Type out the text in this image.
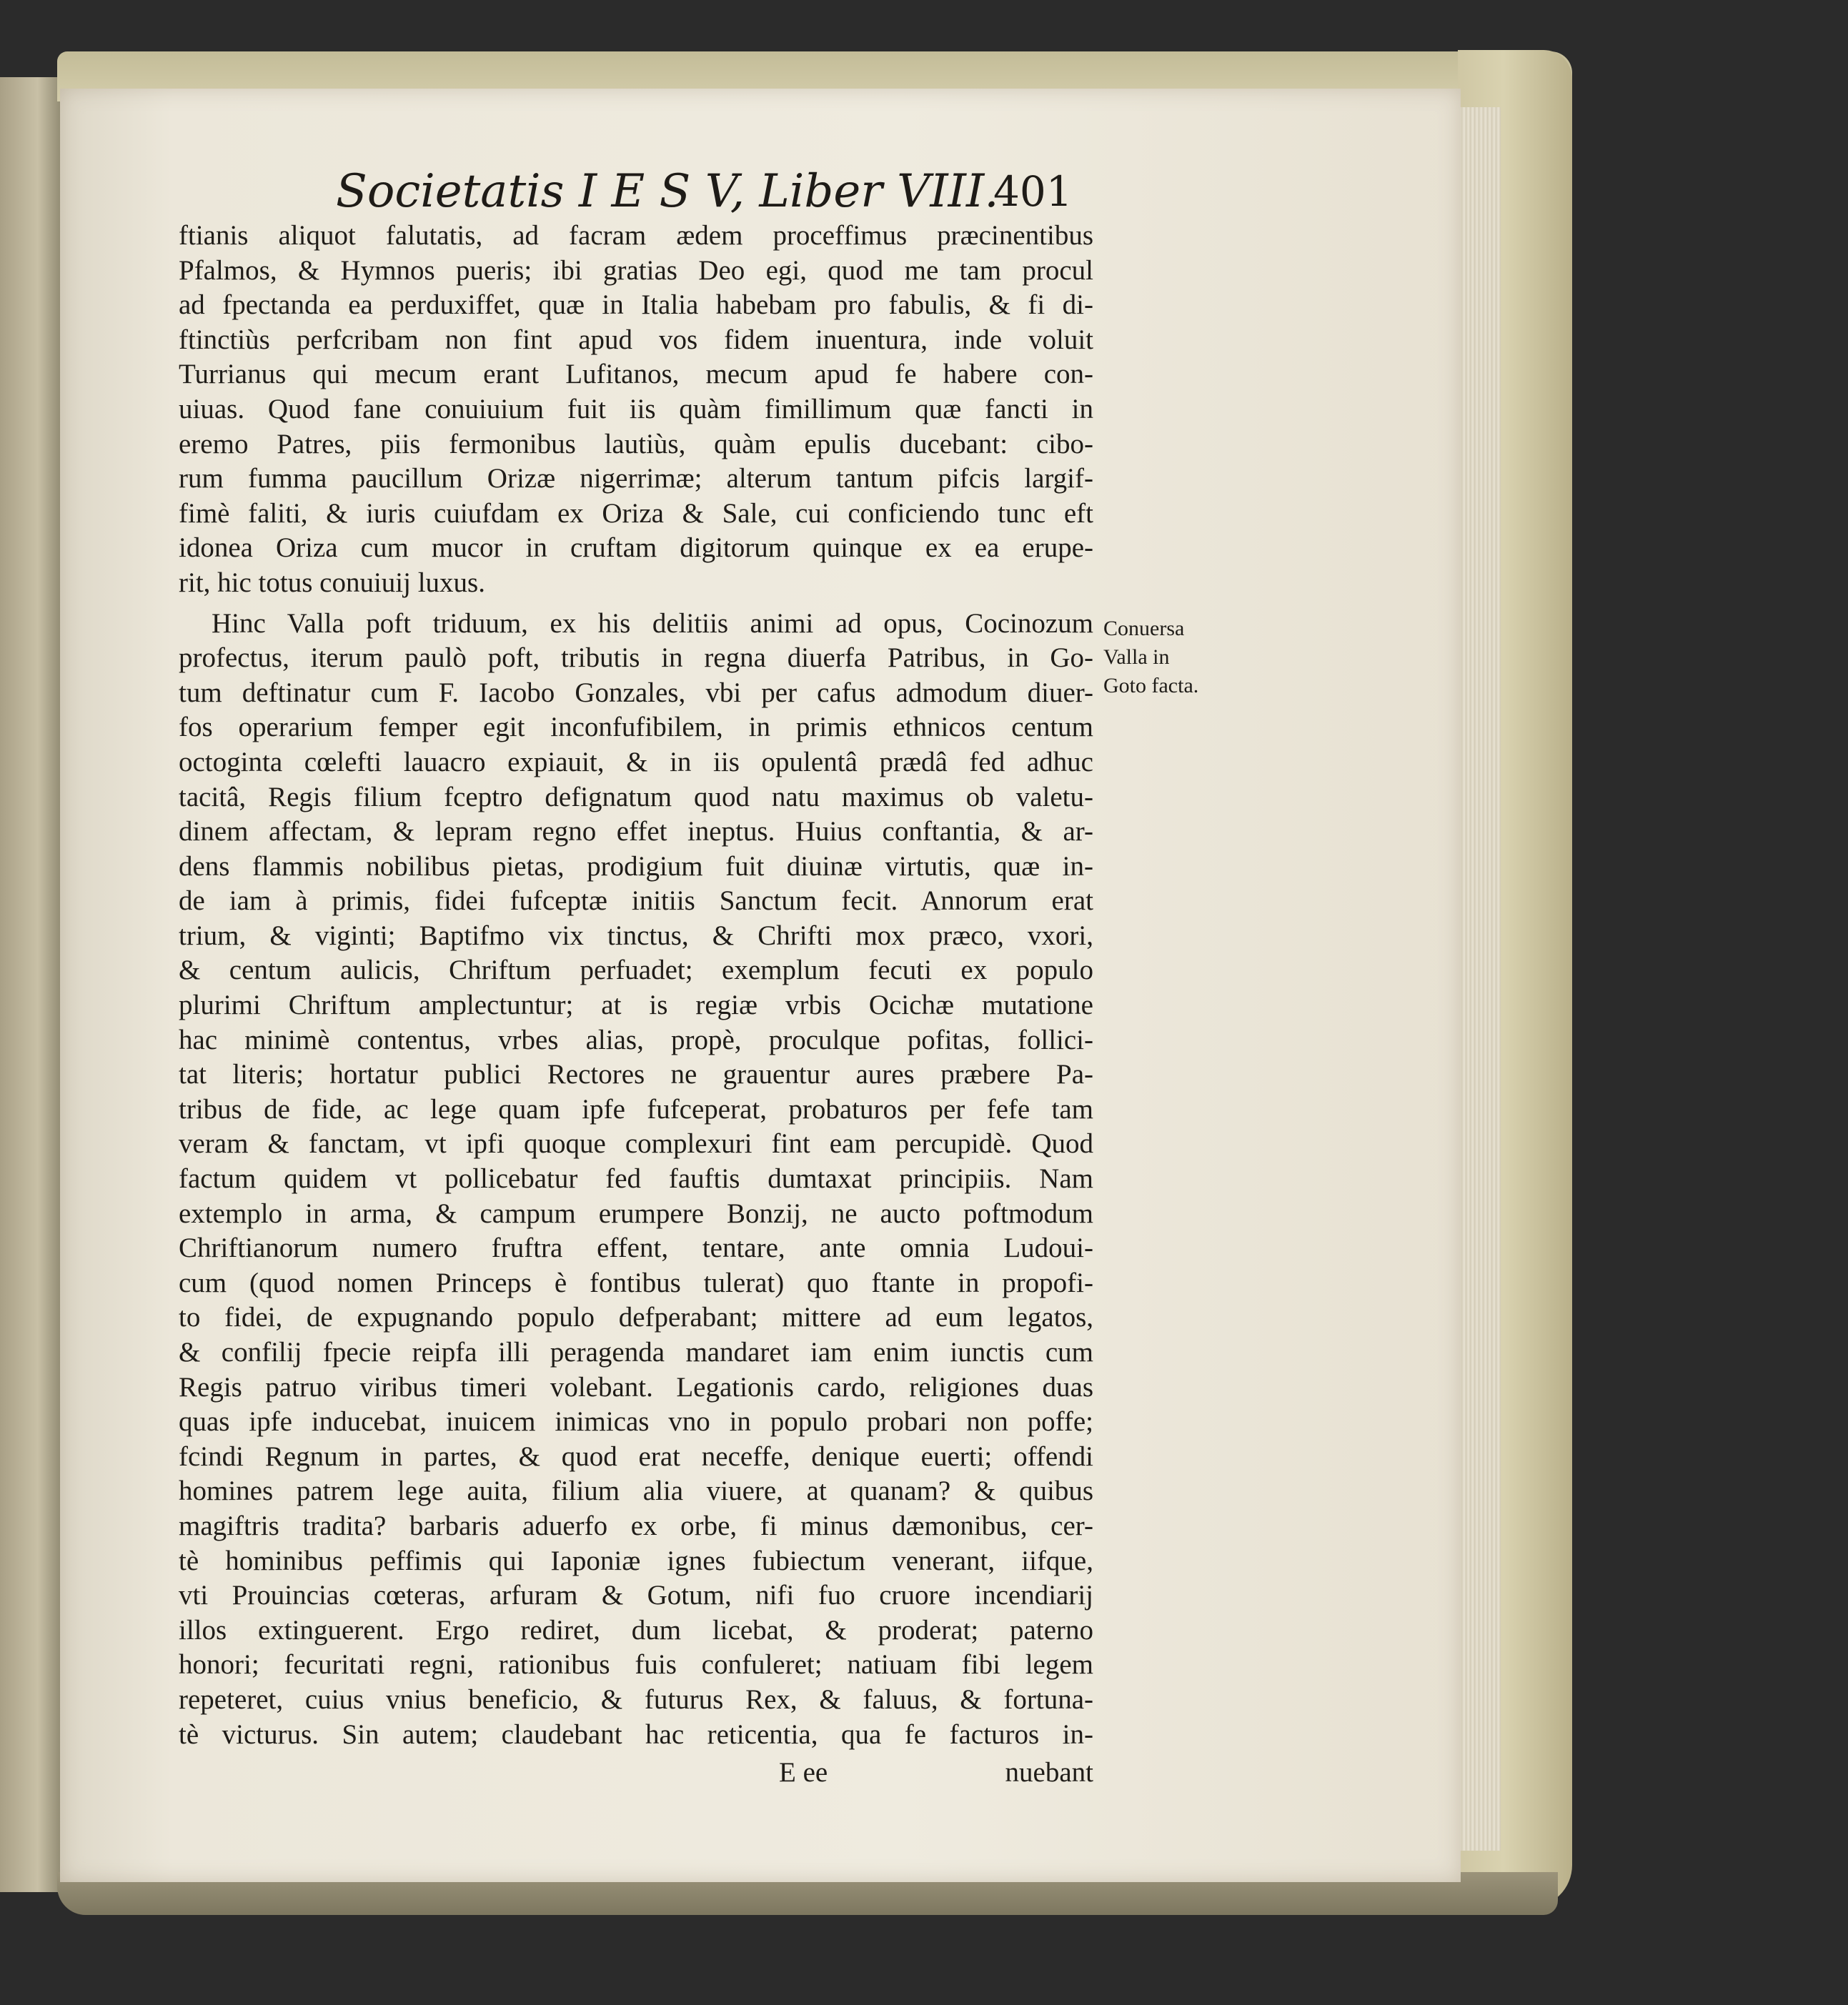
Societatis I E S V, Liber VIII.
401
ftianis aliquot falutatis, ad facram ædem proceffimus præcinentibus
Pfalmos, & Hymnos pueris; ibi gratias Deo egi, quod me tam procul
ad fpectanda ea perduxiffet, quæ in Italia habebam pro fabulis, & fi di-
ftinctiùs perfcribam non fint apud vos fidem inuentura, inde voluit
Turrianus qui mecum erant Lufitanos, mecum apud fe habere con-
uiuas. Quod fane conuiuium fuit iis quàm fimillimum quæ fancti in
eremo Patres, piis fermonibus lautiùs, quàm epulis ducebant: cibo-
rum fumma paucillum Orizæ nigerrimæ; alterum tantum pifcis largif-
fimè faliti, & iuris cuiufdam ex Oriza & Sale, cui conficiendo tunc eft
idonea Oriza cum mucor in cruftam digitorum quinque ex ea erupe-
rit, hic totus conuiuij luxus.
Hinc Valla poft triduum, ex his delitiis animi ad opus, Cocinozum
profectus, iterum paulò poft, tributis in regna diuerfa Patribus, in Go-
tum deftinatur cum F. Iacobo Gonzales, vbi per cafus admodum diuer-
fos operarium femper egit inconfufibilem, in primis ethnicos centum
octoginta cœlefti lauacro expiauit, & in iis opulentâ prædâ fed adhuc
tacitâ, Regis filium fceptro defignatum quod natu maximus ob valetu-
dinem affectam, & lepram regno effet ineptus. Huius conftantia, & ar-
dens flammis nobilibus pietas, prodigium fuit diuinæ virtutis, quæ in-
de iam à primis, fidei fufceptæ initiis Sanctum fecit. Annorum erat
trium, & viginti; Baptifmo vix tinctus, & Chrifti mox præco, vxori,
& centum aulicis, Chriftum perfuadet; exemplum fecuti ex populo
plurimi Chriftum amplectuntur; at is regiæ vrbis Ocichæ mutatione
hac minimè contentus, vrbes alias, propè, proculque pofitas, follici-
tat literis; hortatur publici Rectores ne grauentur aures præbere Pa-
tribus de fide, ac lege quam ipfe fufceperat, probaturos per fefe tam
veram & fanctam, vt ipfi quoque complexuri fint eam percupidè. Quod
factum quidem vt pollicebatur fed fauftis dumtaxat principiis. Nam
extemplo in arma, & campum erumpere Bonzij, ne aucto poftmodum
Chriftianorum numero fruftra effent, tentare, ante omnia Ludoui-
cum (quod nomen Princeps è fontibus tulerat) quo ftante in propofi-
to fidei, de expugnando populo defperabant; mittere ad eum legatos,
& confilij fpecie reipfa illi peragenda mandaret iam enim iunctis cum
Regis patruo viribus timeri volebant. Legationis cardo, religiones duas
quas ipfe inducebat, inuicem inimicas vno in populo probari non poffe;
fcindi Regnum in partes, & quod erat neceffe, denique euerti; offendi
homines patrem lege auita, filium alia viuere, at quanam? & quibus
magiftris tradita? barbaris aduerfo ex orbe, fi minus dæmonibus, cer-
tè hominibus peffimis qui Iaponiæ ignes fubiectum venerant, iifque,
vti Prouincias cœteras, arfuram & Gotum, nifi fuo cruore incendiarij
illos extinguerent. Ergo rediret, dum licebat, & proderat; paterno
honori; fecuritati regni, rationibus fuis confuleret; natiuam fibi legem
repeteret, cuius vnius beneficio, & futurus Rex, & faluus, & fortuna-
tè victurus. Sin autem; claudebant hac reticentia, qua fe facturos in-
Conuersa
Valla in
Goto facta.
E ee	nuebant
